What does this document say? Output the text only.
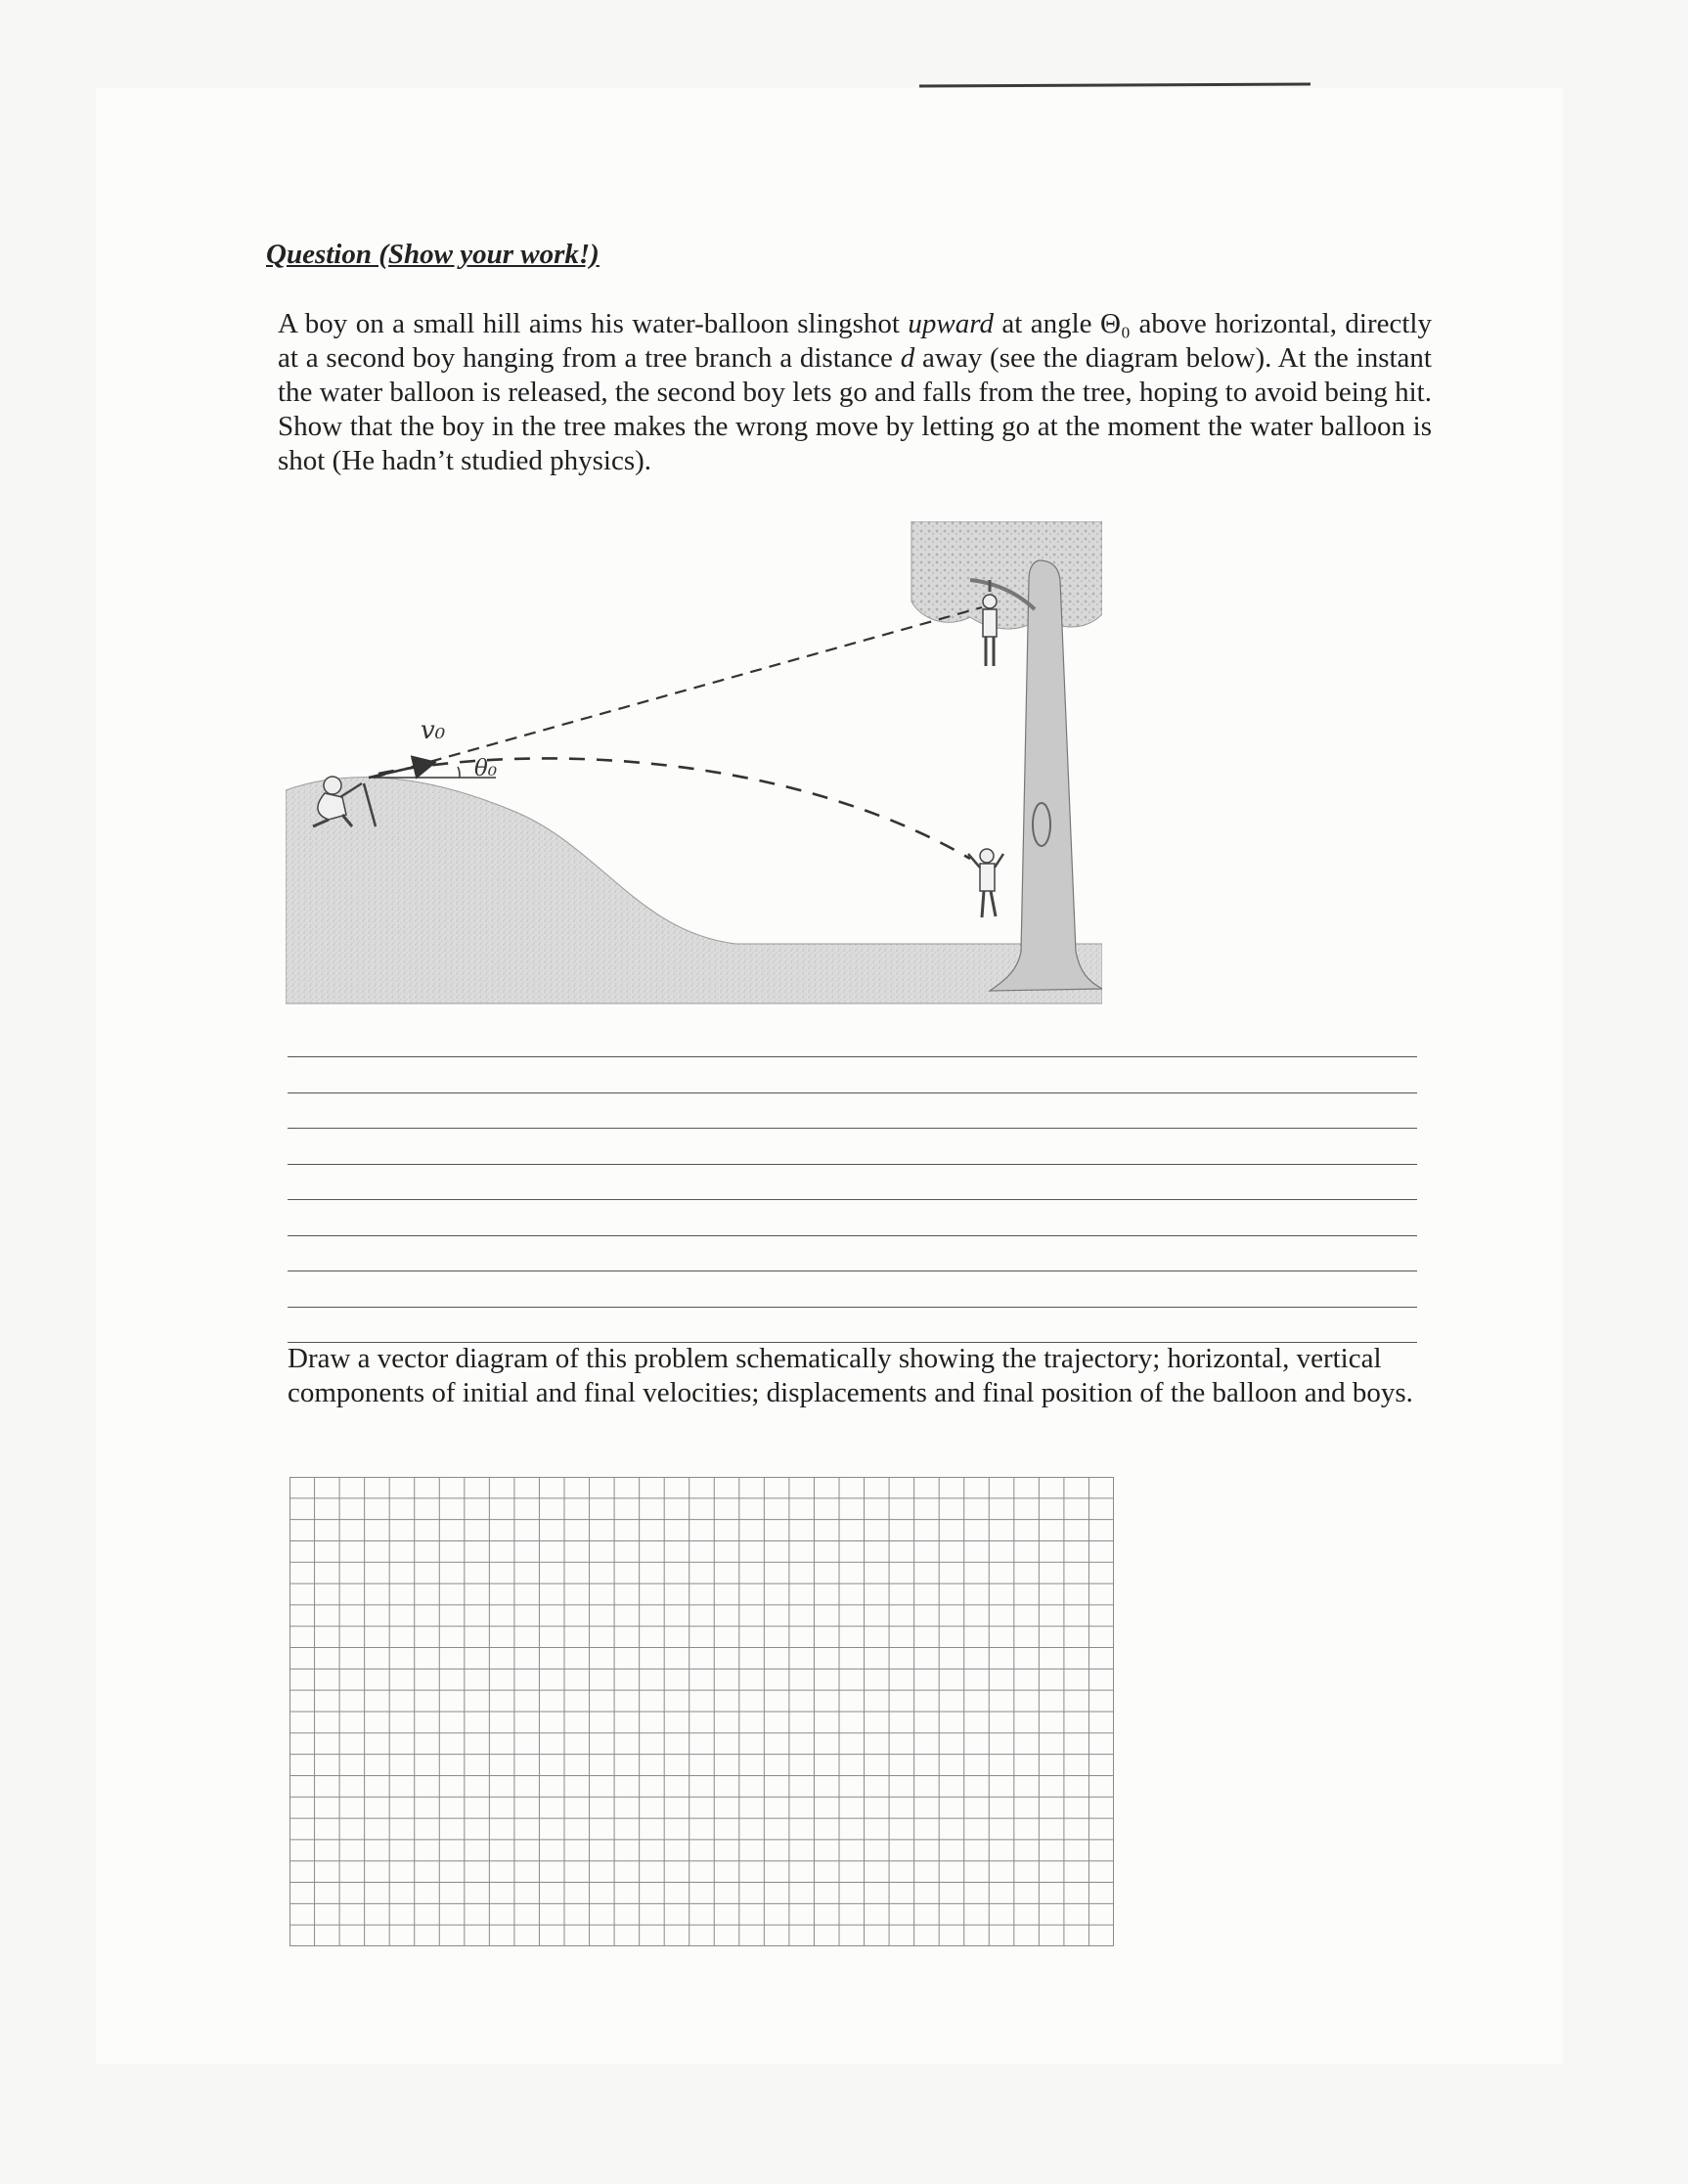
Question (Show your work!)

A boy on a small hill aims his water-balloon slingshot upward at angle Θ₀ above horizontal, directly at a second boy hanging from a tree branch a distance d away (see the diagram below). At the instant the water balloon is released, the second boy lets go and falls from the tree, hoping to avoid being hit. Show that the boy in the tree makes the wrong move by letting go at the moment the water balloon is shot (He hadn’t studied physics).

v₀
θ₀

Draw a vector diagram of this problem schematically showing the trajectory; horizontal, vertical components of initial and final velocities; displacements and final position of the balloon and boys.
